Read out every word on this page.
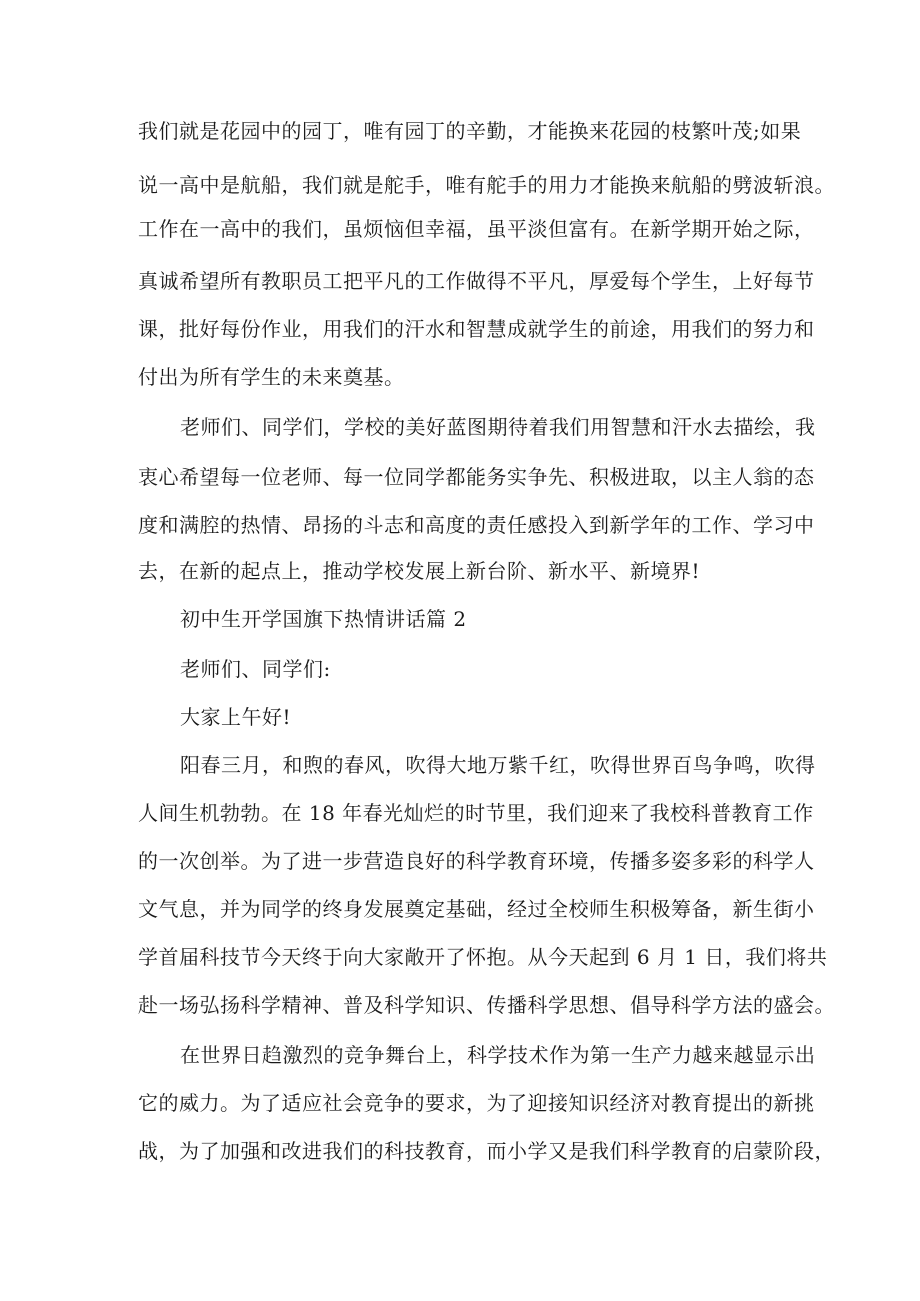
我们就是花园中的园丁，唯有园丁的辛勤，才能换来花园的枝繁叶茂;如果
说一高中是航船，我们就是舵手，唯有舵手的用力才能换来航船的劈波斩浪。
工作在一高中的我们，虽烦恼但幸福，虽平淡但富有。在新学期开始之际，
真诚希望所有教职员工把平凡的工作做得不平凡，厚爱每个学生，上好每节
课，批好每份作业，用我们的汗水和智慧成就学生的前途，用我们的努力和
付出为所有学生的未来奠基。
老师们、同学们，学校的美好蓝图期待着我们用智慧和汗水去描绘，我
衷心希望每一位老师、每一位同学都能务实争先、积极进取，以主人翁的态
度和满腔的热情、昂扬的斗志和高度的责任感投入到新学年的工作、学习中
去，在新的起点上，推动学校发展上新台阶、新水平、新境界!
初中生开学国旗下热情讲话篇 2
老师们、同学们:
大家上午好!
阳春三月，和煦的春风，吹得大地万紫千红，吹得世界百鸟争鸣，吹得
人间生机勃勃。在 18 年春光灿烂的时节里，我们迎来了我校科普教育工作
的一次创举。为了进一步营造良好的科学教育环境，传播多姿多彩的科学人
文气息，并为同学的终身发展奠定基础，经过全校师生积极筹备，新生街小
学首届科技节今天终于向大家敞开了怀抱。从今天起到 6 月 1 日，我们将共
赴一场弘扬科学精神、普及科学知识、传播科学思想、倡导科学方法的盛会。
在世界日趋激烈的竞争舞台上，科学技术作为第一生产力越来越显示出
它的威力。为了适应社会竞争的要求，为了迎接知识经济对教育提出的新挑
战，为了加强和改进我们的科技教育，而小学又是我们科学教育的启蒙阶段，
